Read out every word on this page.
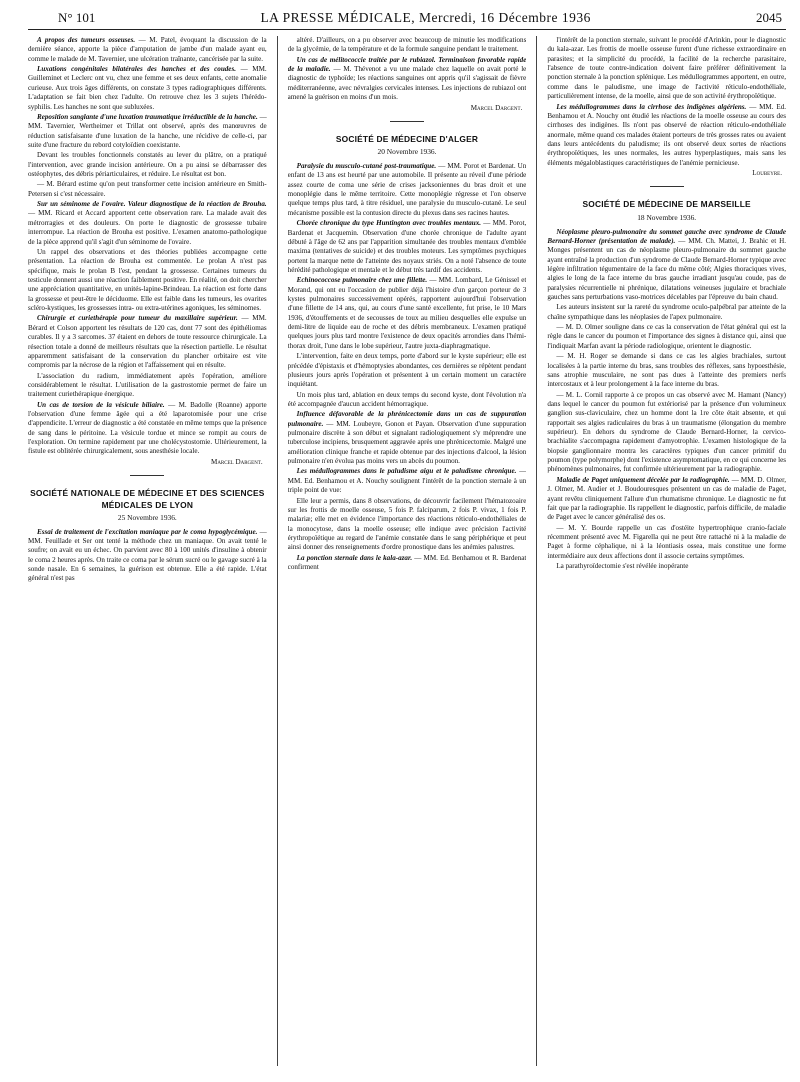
N° 101	LA PRESSE MÉDICALE, Mercredi, 16 Décembre 1936	2045

A propos des tumeurs osseuses. — M. Patel, évoquant la discussion de la dernière séance, apporte la pièce d'amputation de jambe d'un malade ayant eu, comme le malade de M. Tavernier, une ulcération traînante, cancérisée par la suite.

Luxations congénitales bilatérales des hanches et des coudes. — MM. Guilleminet et Leclerc ont vu, chez une femme et ses deux enfants, cette anomalie curieuse. Aux trois âges différents, on constate 3 types radiographiques différents. L'adaptation se fait bien chez l'adulte. On retrouve chez les 3 sujets l'hérédo-syphilis. Les hanches ne sont que subluxées.

Reposition sanglante d'une luxation traumatique irréductible de la hanche. — MM. Tavernier, Wertheimer et Trillat ont observé, après des manœuvres de réduction satisfaisante d'une luxation de la hanche, une récidive de celle-ci, par suite d'une fracture du rebord cotyloïdien coexistante.

Devant les troubles fonctionnels constatés au lever du plâtre, on a pratiqué l'intervention, avec grande incision antérieure. On a pu ainsi se débarrasser des ostéophytes, des débris périarticulaires, et réduire. Le résultat est bon.

— M. Bérard estime qu'on peut transformer cette incision antérieure en Smith-Petersen si c'est nécessaire.

Sur un séminome de l'ovaire. Valeur diagnostique de la réaction de Brouha. — MM. Ricard et Accard apportent cette observation rare. La malade avait des métrorragies et des douleurs. On porte le diagnostic de grossesse tubaire interrompue. La réaction de Brouha est positive. L'examen anatomo-pathologique de la pièce apprend qu'il s'agit d'un séminome de l'ovaire.

Un rappel des observations et des théories publiées accompagne cette présentation. La réaction de Brouha est commentée. Le prolan A n'est pas spécifique, mais le prolan B l'est, pendant la grossesse. Certaines tumeurs du testicule donnent aussi une réaction faiblement positive. En réalité, on doit chercher une appréciation quantitative, en unités-lapine-Brindeau. La réaction est forte dans la grossesse et peut-être le déciduome. Elle est faible dans les tumeurs, les ovarites scléro-kystiques, les grossesses intra- ou extra-utérines agoniques, les séminomes.

Chirurgie et curiethérapie pour tumeur du maxillaire supérieur. — MM. Bérard et Colson apportent les résultats de 120 cas, dont 77 sont des épithéliomas curables. Il y a 3 sarcomes. 37 étaient en dehors de toute ressource chirurgicale. La résection totale a donné de meilleurs résultats que la résection partielle. Le résultat apparemment satisfaisant de la conservation du plancher orbitaire est vite compromis par la nécrose de la région et l'affaissement qui en résulte.

L'association du radium, immédiatement après l'opération, améliore considérablement le résultat. L'utilisation de la gastrostomie permet de faire un traitement curiethérapique énergique.

Un cas de torsion de la vésicule biliaire. — M. Badolle (Roanne) apporte l'observation d'une femme âgée qui a été laparotomisée pour une crise d'appendicite. L'erreur de diagnostic a été constatée en même temps que la présence de sang dans le péritoine. La vésicule tordue et mince se rompit au cours de l'exploration. On termine rapidement par une cholécystostomie. Ultérieurement, la fistule est oblitérée chirurgicalement, sous anesthésie locale.

Marcel Dargent.
SOCIÉTÉ NATIONALE DE MÉDECINE ET DES SCIENCES MÉDICALES DE LYON
25 Novembre 1936.

Essai de traitement de l'excitation maniaque par le coma hypoglycémique. — MM. Feuillade et Ser ont tenté la méthode chez un maniaque. On avait tenté le soufre; on avait eu un échec. On parvient avec 80 à 100 unités d'insuline à obtenir le coma 2 heures après. On traite ce coma par le sérum sucré ou le gavage sucré à la sonde nasale. En 6 semaines, la guérison est obtenue. Elle a été rapide. L'état général n'est pas

altéré. D'ailleurs, on a pu observer avec beaucoup de minutie les modifications de la glycémie, de la température et de la formule sanguine pendant le traitement.

Un cas de mélitococcie traitée par le rubiazol. Terminaison favorable rapide de la maladie. — M. Thévenot a vu une malade chez laquelle on avait porté le diagnostic de typhoïde; les réactions sanguines ont appris qu'il s'agissait de fièvre méditerranéenne, avec névralgies cervicales intenses. Les injections de rubiazol ont amené la guérison en moins d'un mois.

Marcel Dargent.
SOCIÉTÉ DE MÉDECINE D'ALGER
20 Novembre 1936.

Paralysie du musculo-cutané post-traumatique. — MM. Porot et Bardenat. Un enfant de 13 ans est heurté par une automobile. Il présente au réveil d'une période assez courte de coma une série de crises jacksoniennes du bras droit et une monoplégie dans le même territoire. Cette monoplégie régresse et l'on observe quelque temps plus tard, à titre résiduel, une paralysie du musculo-cutané. Le seul mécanisme possible est la contusion directe du plexus dans ses racines hautes.

Chorée chronique du type Huntington avec troubles mentaux. — MM. Porot, Bardenat et Jacquemin. Observation d'une chorée chronique de l'adulte ayant débuté à l'âge de 62 ans par l'apparition simultanée des troubles mentaux d'emblée maxima (tentatives de suicide) et des troubles moteurs. Les symptômes psychiques portent la marque nette de l'atteinte des noyaux striés. On a noté l'absence de toute hérédité pathologique et mentale et le début très tardif des accidents.

Echinococcose pulmonaire chez une fillette. — MM. Lombard, Le Génissel et Morand, qui ont eu l'occasion de publier déjà l'histoire d'un garçon porteur de 3 kystes pulmonaires successivement opérés, rapportent aujourd'hui l'observation d'une fillette de 14 ans, qui, au cours d'une santé excellente, fut prise, le 10 Mars 1936, d'étouffements et de secousses de toux au milieu desquelles elle expulse un demi-litre de liquide eau de roche et des débris membraneux. L'examen pratiqué quelques jours plus tard montre l'existence de deux opacités arrondies dans l'hémi-thorax droit, l'une dans le lobe supérieur, l'autre juxta-diaphragmatique.

L'intervention, faite en deux temps, porte d'abord sur le kyste supérieur; elle est précédée d'épistaxis et d'hémoptysies abondantes, ces dernières se répètent pendant plusieurs jours après l'opération et présentent à un certain moment un caractère inquiétant.

Un mois plus tard, ablation en deux temps du second kyste, dont l'évolution n'a été accompagnée d'aucun accident hémorragique.

Influence défavorable de la phrénicectomie dans un cas de suppuration pulmonaire. — MM. Loubeyre, Gonon et Payan. Observation d'une suppuration pulmonaire discrète à son début et signalant radiologiquement s'y méprendre une tuberculose incipiens, brusquement aggravée après une phrénicectomie. Malgré une amélioration clinique franche et rapide obtenue par des injections d'alcool, la lésion pulmonaire n'en évolua pas moins vers un abcès du poumon.

Les médullogrammes dans le paludisme aigu et le paludisme chronique. — MM. Ed. Benhamou et A. Nouchy soulignent l'intérêt de la ponction sternale à un triple point de vue:

Elle leur a permis, dans 8 observations, de découvrir facilement l'hématozoaire sur les frottis de moelle osseuse, 5 fois P. falciparum, 2 fois P. vivax, 1 fois P. malariæ; elle met en évidence l'importance des réactions réticulo-endothéliales de la monocytose, dans la moelle osseuse; elle indique avec précision l'activité érythropoïétique au regard de l'anémie constatée dans le sang périphérique et peut ainsi donner des renseignements d'ordre pronostique dans les anémies palustres.

La ponction sternale dans le kala-azar. — MM. Ed. Benhamou et R. Bardenat confirment

l'intérêt de la ponction sternale, suivant le procédé d'Arinkin, pour le diagnostic du kala-azar. Les frottis de moelle osseuse furent d'une richesse extraordinaire en parasites; et la simplicité du procédé, la facilité de la recherche parasitaire, l'absence de toute contre-indication doivent faire préférer définitivement la ponction sternale à la ponction splénique. Les médullogrammes apportent, en outre, comme dans le paludisme, une image de l'activité réticulo-endothéliale, particulièrement intense, de la moelle, ainsi que de son activité érythropoïétique.

Les médullogrammes dans la cirrhose des indigènes algériens. — MM. Ed. Benhamou et A. Nouchy ont étudié les réactions de la moelle osseuse au cours des cirrhoses des indigènes. Ils n'ont pas observé de réaction réticulo-endothéliale anormale, même quand ces malades étaient porteurs de très grosses rates ou avaient dans leurs antécédents du paludisme; ils ont observé deux sortes de réactions érythropoïétiques, les unes normales, les autres hyperplastiques, mais sans les éléments mégaloblastiques caractéristiques de l'anémie pernicieuse.

Loubeyre.
SOCIÉTÉ DE MÉDECINE DE MARSEILLE
18 Novembre 1936.

Néoplasme pleuro-pulmonaire du sommet gauche avec syndrome de Claude Bernard-Horner (présentation de malade). — MM. Ch. Mattei, J. Brahic et H. Monges présentent un cas de néoplasme pleuro-pulmonaire du sommet gauche ayant entraîné la production d'un syndrome de Claude Bernard-Horner typique avec légère infiltration tégumentaire de la face du même côté; Algies thoraciques vives, algies le long de la face interne du bras gauche irradiant jusqu'au coude, pas de paralysies récurrentielle ni phrénique, dilatations veineuses jugulaire et brachiale gauches sans perturbations vaso-motrices décelables par l'épreuve du bain chaud.

Les auteurs insistent sur la rareté du syndrome oculo-palpébral par atteinte de la chaîne sympathique dans les néoplasies de l'apex pulmonaire.

— M. D. Olmer souligne dans ce cas la conservation de l'état général qui est la règle dans le cancer du poumon et l'importance des signes à distance qui, ainsi que l'indiquait Marfan avant la période radiologique, orientent le diagnostic.

— M. H. Roger se demande si dans ce cas les algies brachiales, surtout localisées à la partie interne du bras, sans troubles des réflexes, sans hypoesthésie, sans atrophie musculaire, ne sont pas dues à l'atteinte des premiers nerfs intercostaux et à leur prolongement à la face interne du bras.

— M. L. Cornil rapporte à ce propos un cas observé avec M. Hamant (Nancy) dans lequel le cancer du poumon fut extériorisé par la présence d'un volumineux ganglion sus-claviculaire, chez un homme dont la 1re côte était absente, et qui rapportait ses algies radiculaires du bras à un traumatisme (élongation du membre supérieur). En dehors du syndrome de Claude Bernard-Horner, la cervico-brachialite s'accompagna rapidement d'amyotrophie. L'examen histologique de la biopsie ganglionnaire montra les caractères typiques d'un cancer primitif du poumon (type polymorphe) dont l'existence asymptomatique, en ce qui concerne les phénomènes pulmonaires, fut confirmée ultérieurement par la radiographie.

Maladie de Paget uniquement décelée par la radiographie. — MM. D. Olmer, J. Olmer, M. Audier et J. Boudouresques présentent un cas de maladie de Paget, ayant revêtu cliniquement l'allure d'un rhumatisme chronique. Le diagnostic ne fut fait que par la radiographie. Ils rappellent le diagnostic, parfois difficile, de maladie de Paget avec le cancer généralisé des os.

— M. Y. Bourde rappelle un cas d'ostéite hypertrophique cranio-faciale récemment présenté avec M. Figarella qui ne peut être rattaché ni à la maladie de Paget à forme céphalique, ni à la léontiasis ossea, mais constitue une forme intermédiaire aux deux affections dont il associe certains symptômes.

La parathyroïdectomie s'est révélée inopérante
